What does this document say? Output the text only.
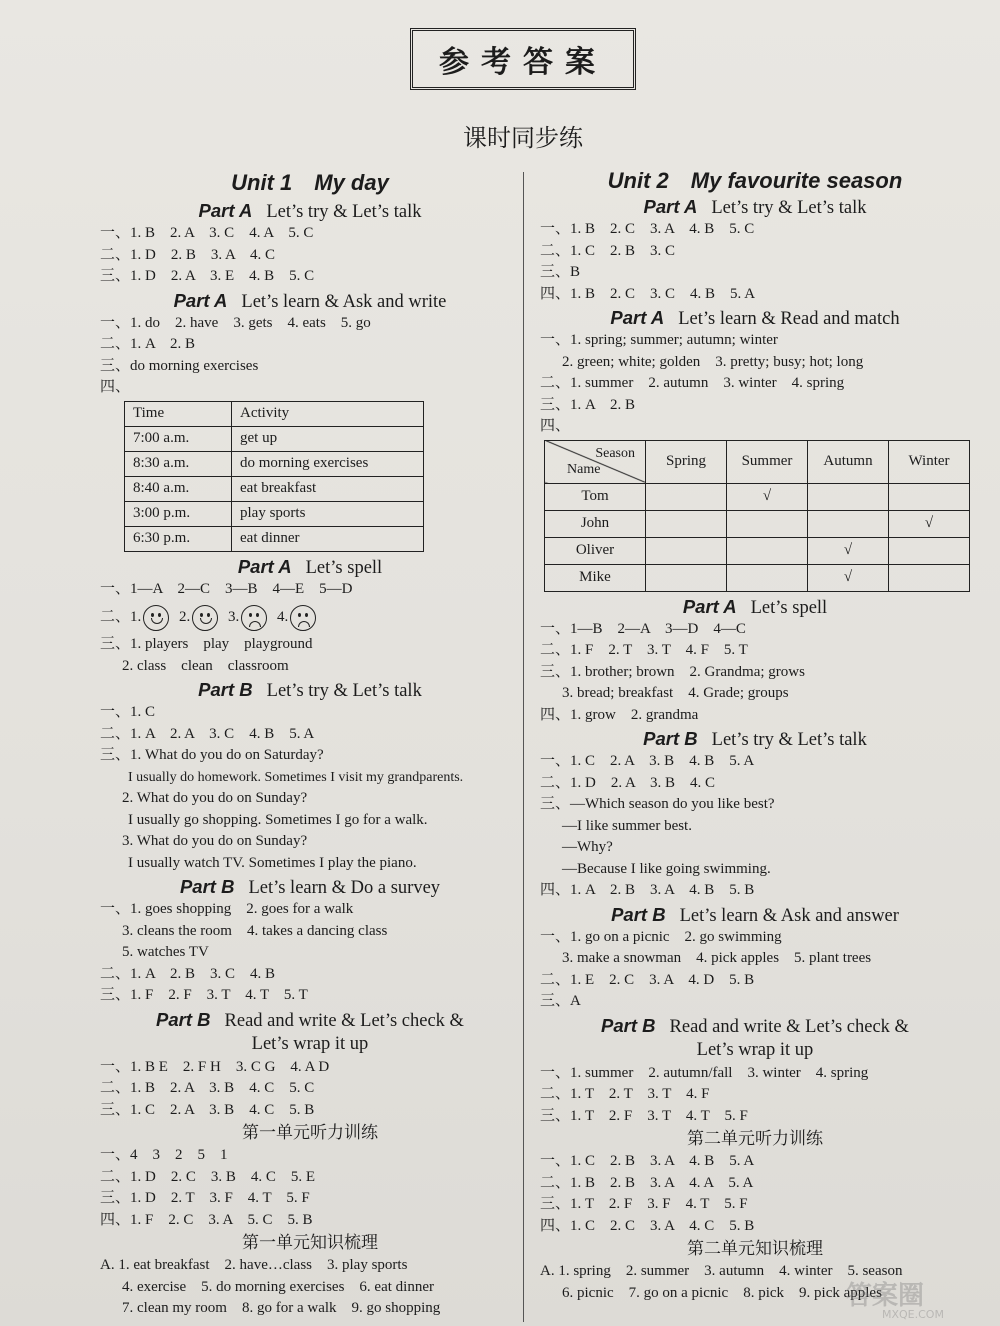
参考答案
课时同步练
Unit 1　My day
Part A Let’s try & Let’s talk
一、1. B　2. A　3. C　4. A　5. C
二、1. D　2. B　3. A　4. C
三、1. D　2. A　3. E　4. B　5. C
Part A Let’s learn & Ask and write
一、1. do　2. have　3. gets　4. eats　5. go
二、1. A　2. B
三、do morning exercises
四、
Time	Activity
7:00 a.m.	get up
8:30 a.m.	do morning exercises
8:40 a.m.	eat breakfast
3:00 p.m.	play sports
6:30 p.m.	eat dinner
Part A Let’s spell
一、1—A　2—C　3—B　4—E　5—D
二、1.	2.	3.	4.
三、1. players　play　playground
2. class　clean　classroom
Part B Let’s try & Let’s talk
一、1. C
二、1. A　2. A　3. C　4. B　5. A
三、1. What do you do on Saturday?
I usually do homework. Sometimes I visit my grandparents.
2. What do you do on Sunday?
I usually go shopping. Sometimes I go for a walk.
3. What do you do on Sunday?
I usually watch TV. Sometimes I play the piano.
Part B Let’s learn & Do a survey
一、1. goes shopping　2. goes for a walk
3. cleans the room　4. takes a dancing class
5. watches TV
二、1. A　2. B　3. C　4. B
三、1. F　2. F　3. T　4. T　5. T
Part B Read and write & Let’s check &
Let’s wrap it up
一、1. B E　2. F H　3. C G　4. A D
二、1. B　2. A　3. B　4. C　5. C
三、1. C　2. A　3. B　4. C　5. B
第一单元听力训练
一、4　3　2　5　1
二、1. D　2. C　3. B　4. C　5. E
三、1. D　2. T　3. F　4. T　5. F
四、1. F　2. C　3. A　5. C　5. B
第一单元知识梳理
A. 1. eat breakfast　2. have…class　3. play sports
4. exercise　5. do morning exercises　6. eat dinner
7. clean my room　8. go for a walk　9. go shopping
Unit 2　My favourite season
Part A Let’s try & Let’s talk
一、1. B　2. C　3. A　4. B　5. C
二、1. C　2. B　3. C
三、B
四、1. B　2. C　3. C　4. B　5. A
Part A Let’s learn & Read and match
一、1. spring; summer; autumn; winter
2. green; white; golden　3. pretty; busy; hot; long
二、1. summer　2. autumn　3. winter　4. spring
三、1. A　2. B
四、
Season
Name	Spring	Summer	Autumn	Winter
Tom		√		
John				√
Oliver			√	
Mike			√	
Part A Let’s spell
一、1—B　2—A　3—D　4—C
二、1. F　2. T　3. T　4. F　5. T
三、1. brother; brown　2. Grandma; grows
3. bread; breakfast　4. Grade; groups
四、1. grow　2. grandma
Part B Let’s try & Let’s talk
一、1. C　2. A　3. B　4. B　5. A
二、1. D　2. A　3. B　4. C
三、—Which season do you like best?
—I like summer best.
—Why?
—Because I like going swimming.
四、1. A　2. B　3. A　4. B　5. B
Part B Let’s learn & Ask and answer
一、1. go on a picnic　2. go swimming
3. make a snowman　4. pick apples　5. plant trees
二、1. E　2. C　3. A　4. D　5. B
三、A
Part B Read and write & Let’s check &
Let’s wrap it up
一、1. summer　2. autumn/fall　3. winter　4. spring
二、1. T　2. T　3. T　4. F
三、1. T　2. F　3. T　4. T　5. F
第二单元听力训练
一、1. C　2. B　3. A　4. B　5. A
二、1. B　2. B　3. A　4. A　5. A
三、1. T　2. F　3. F　4. T　5. F
四、1. C　2. C　3. A　4. C　5. B
第二单元知识梳理
A. 1. spring　2. summer　3. autumn　4. winter　5. season
6. picnic　7. go on a picnic　8. pick　9. pick apples
答案圈
MXQE.COM
